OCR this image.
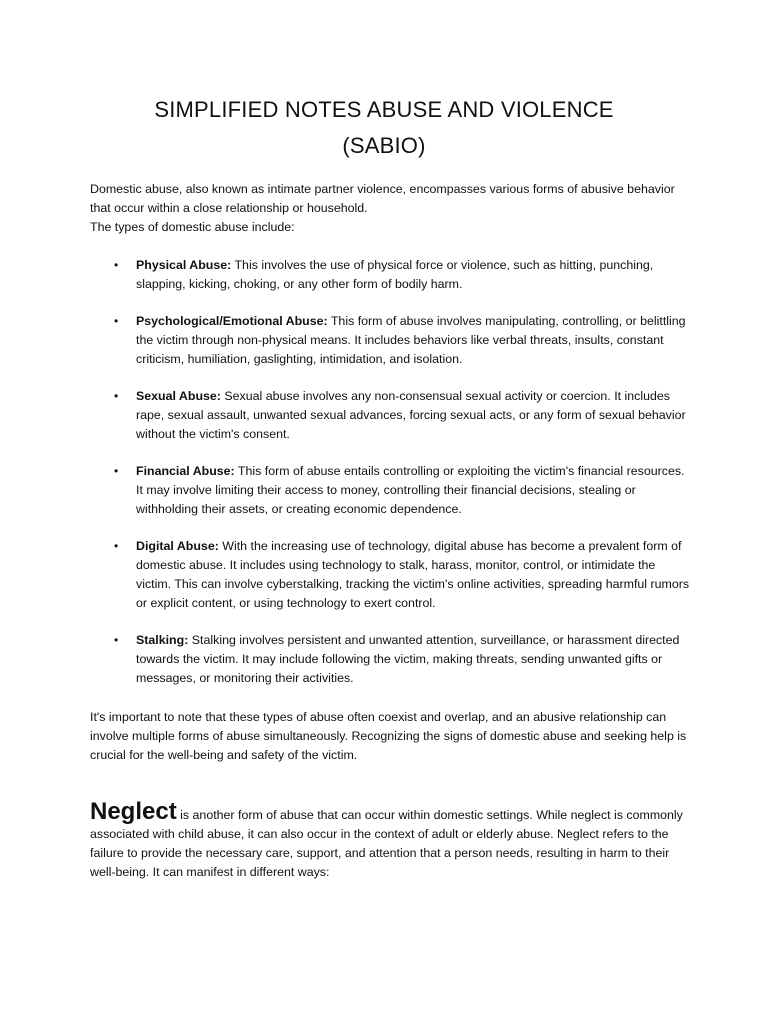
SIMPLIFIED NOTES ABUSE AND VIOLENCE
(SABIO)
Domestic abuse, also known as intimate partner violence, encompasses various forms of abusive behavior that occur within a close relationship or household.
The types of domestic abuse include:
• Physical Abuse: This involves the use of physical force or violence, such as hitting, punching, slapping, kicking, choking, or any other form of bodily harm.
• Psychological/Emotional Abuse: This form of abuse involves manipulating, controlling, or belittling the victim through non-physical means. It includes behaviors like verbal threats, insults, constant criticism, humiliation, gaslighting, intimidation, and isolation.
• Sexual Abuse: Sexual abuse involves any non-consensual sexual activity or coercion. It includes rape, sexual assault, unwanted sexual advances, forcing sexual acts, or any form of sexual behavior without the victim's consent.
• Financial Abuse: This form of abuse entails controlling or exploiting the victim's financial resources. It may involve limiting their access to money, controlling their financial decisions, stealing or withholding their assets, or creating economic dependence.
• Digital Abuse: With the increasing use of technology, digital abuse has become a prevalent form of domestic abuse. It includes using technology to stalk, harass, monitor, control, or intimidate the victim. This can involve cyberstalking, tracking the victim's online activities, spreading harmful rumors or explicit content, or using technology to exert control.
• Stalking: Stalking involves persistent and unwanted attention, surveillance, or harassment directed towards the victim. It may include following the victim, making threats, sending unwanted gifts or messages, or monitoring their activities.
It's important to note that these types of abuse often coexist and overlap, and an abusive relationship can involve multiple forms of abuse simultaneously. Recognizing the signs of domestic abuse and seeking help is crucial for the well-being and safety of the victim.
Neglect is another form of abuse that can occur within domestic settings. While neglect is commonly associated with child abuse, it can also occur in the context of adult or elderly abuse. Neglect refers to the failure to provide the necessary care, support, and attention that a person needs, resulting in harm to their well-being. It can manifest in different ways:
